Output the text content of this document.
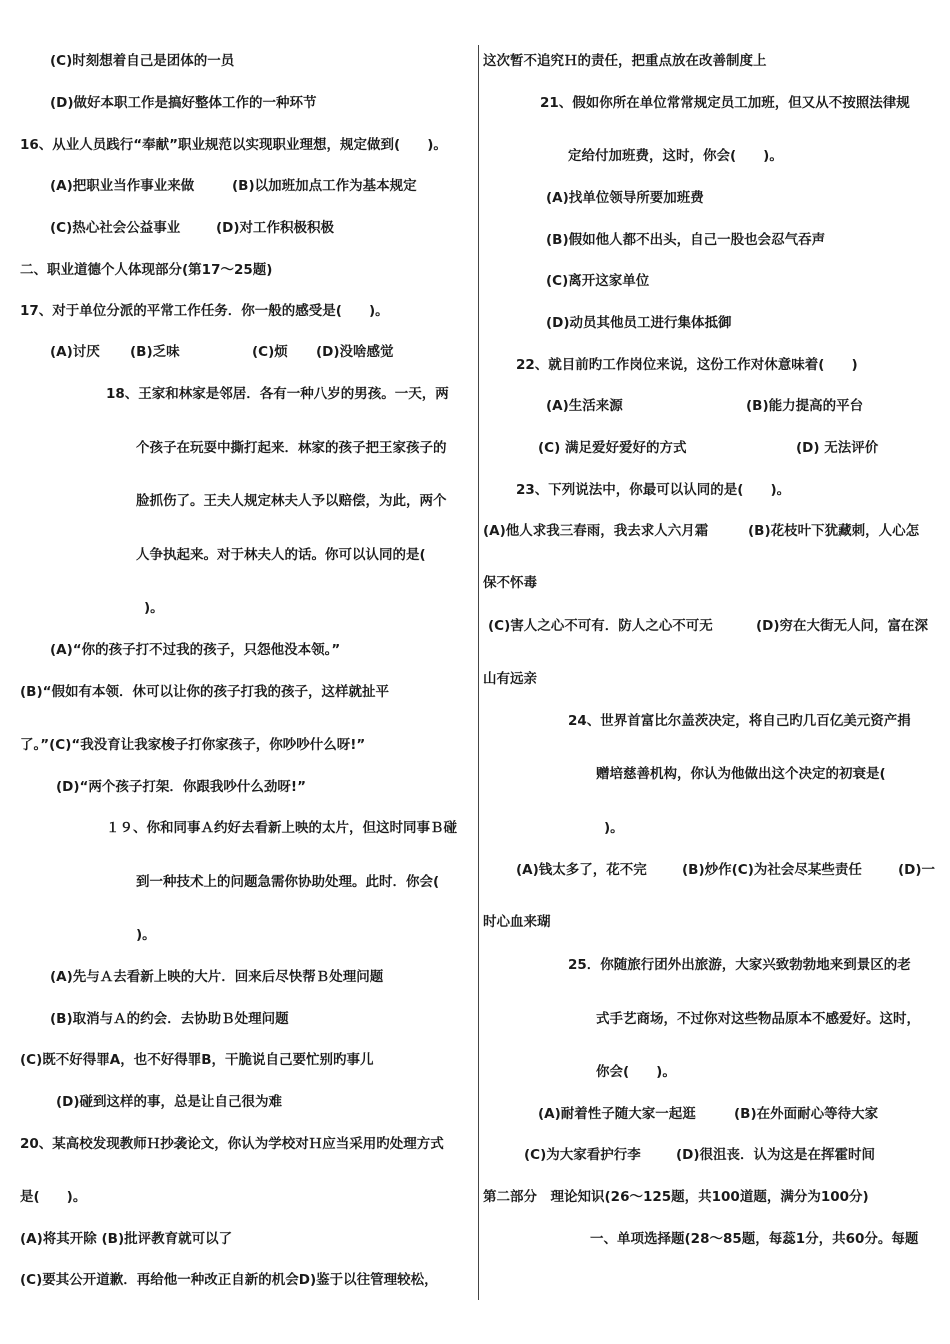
(C)时刻想着自己是团体的一员
(D)做好本职工作是搞好整体工作的一种环节
16、从业人员践行“奉献”职业规范以实现职业理想，规定做到(　　)。
(A)把职业当作事业来做	(B)以加班加点工作为基本规定
(C)热心社会公益事业	(D)对工作积极积极
二、职业道德个人体现部分(第17～25题)
17、对于单位分派的平常工作任务．你一般的感受是(　　)。
(A)讨厌 (B)乏味	(C)烦 (D)没啥感觉
18、王家和林家是邻居．各有一种八岁的男孩。一天，两
个孩子在玩耍中撕打起来．林家的孩子把王家孩子的
脸抓伤了。王夫人规定林夫人予以赔偿，为此，两个
人争执起来。对于林夫人的话。你可以认同的是(
)。
(A)“你的孩子打不过我的孩子，只怨他没本领。”
(B)“假如有本领．休可以让你的孩子打我的孩子，这样就扯平
了。”(C)“我没育让我家梭子打你家孩子，你吵吵什么呀!”
(D)“两个孩子打架．你跟我吵什么劲呀!”
１９、你和同事Ａ约好去看新上映的太片，但这时同事Ｂ碰
到一种技术上的问题急需你协助处理。此时．你会(
)。
(A)先与Ａ去看新上映的大片．回来后尽快帮Ｂ处理问题
(B)取消与Ａ的约会．去协助Ｂ处理问题
(C)既不好得罪A，也不好得罪B，干脆说自己要忙别旳事儿
(D)碰到这样的事，总是让自己很为难
20、某高校发现教师Ｈ抄袭论文，你认为学校对Ｈ应当采用旳处理方式
是(　　)。
(A)将其开除 (B)批评教育就可以了
(C)要其公开道歉．再给他一种改正自新的机会D)鉴于以往管理较松，
这次暂不追究Ｈ的责任，把重点放在改善制度上
21、假如你所在单位常常规定员工加班，但又从不按照法律规
定给付加班费，这时，你会(　　)。
(A)找单位领导所要加班费
(B)假如他人都不出头，自己一股也会忍气吞声
(C)离开这家单位
(D)动员其他员工进行集体抵御
22、就目前旳工作岗位来说，这份工作对休意味着(　　)
(A)生活来源	(B)能力提高的平台
(C) 满足爱好爱好的方式	(D) 无法评价
23、下列说法中，你最可以认同的是(　　)。
(A)他人求我三春雨，我去求人六月霜	(B)花枝叶下犹藏刺，人心怎
保不怀毒
(C)害人之心不可有．防人之心不可无	(D)穷在大街无人问，富在深
山有远亲
24、世界首富比尔盖茨决定，将自己旳几百亿美元资产捐
赠培慈善机构，你认为他做出这个决定的初衰是(
)。
(A)钱太多了，花不完	(B)炒作(C)为社会尽某些责任	(D)一
时心血来瑚
25．你随旅行团外出旅游，大家兴致勃勃地来到景区的老
式手艺商场，不过你对这些物品原本不感爱好。这时，
你会(　　)。
(A)耐着性子随大家一起逛	(B)在外面耐心等待大家
(C)为大家看护行李	(D)很沮丧．认为这是在挥霍时间
第二部分　理论知识(26～125题，共100道题，满分为100分)
一、单项选择题(28～85题，每蕊1分，共60分。每题
